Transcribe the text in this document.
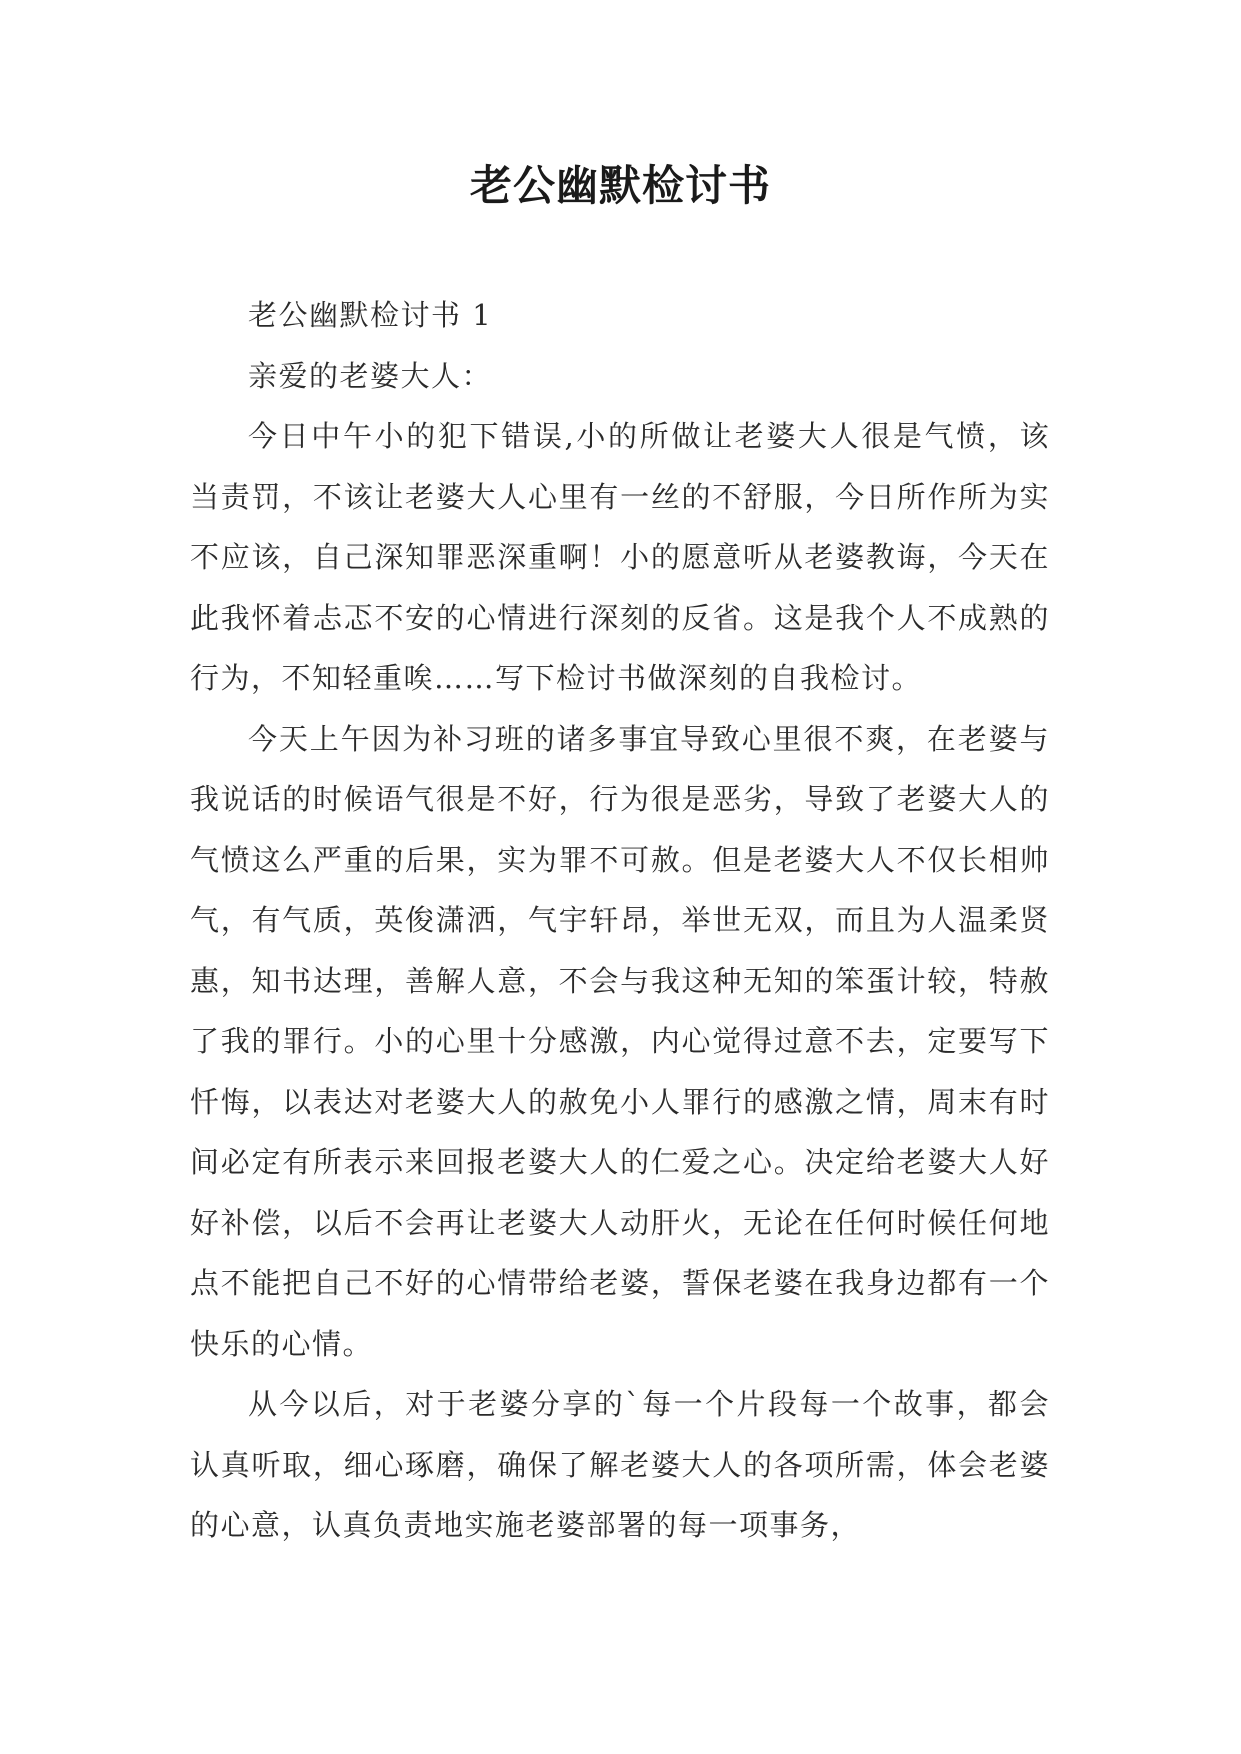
老公幽默检讨书

老公幽默检讨书 1

亲爱的老婆大人：

今日中午小的犯下错误,小的所做让老婆大人很是气愤，该当责罚，不该让老婆大人心里有一丝的不舒服，今日所作所为实不应该，自己深知罪恶深重啊！小的愿意听从老婆教诲，今天在此我怀着忐忑不安的心情进行深刻的反省。这是我个人不成熟的行为，不知轻重唉……写下检讨书做深刻的自我检讨。

今天上午因为补习班的诸多事宜导致心里很不爽，在老婆与我说话的时候语气很是不好，行为很是恶劣，导致了老婆大人的气愤这么严重的后果，实为罪不可赦。但是老婆大人不仅长相帅气，有气质，英俊潇洒，气宇轩昂，举世无双，而且为人温柔贤惠，知书达理，善解人意，不会与我这种无知的笨蛋计较，特赦了我的罪行。小的心里十分感激，内心觉得过意不去，定要写下忏悔，以表达对老婆大人的赦免小人罪行的感激之情，周末有时间必定有所表示来回报老婆大人的仁爱之心。决定给老婆大人好好补偿，以后不会再让老婆大人动肝火，无论在任何时候任何地点不能把自己不好的心情带给老婆，誓保老婆在我身边都有一个快乐的心情。

从今以后，对于老婆分享的`每一个片段每一个故事，都会认真听取，细心琢磨，确保了解老婆大人的各项所需，体会老婆的心意，认真负责地实施老婆部署的每一项事务，
